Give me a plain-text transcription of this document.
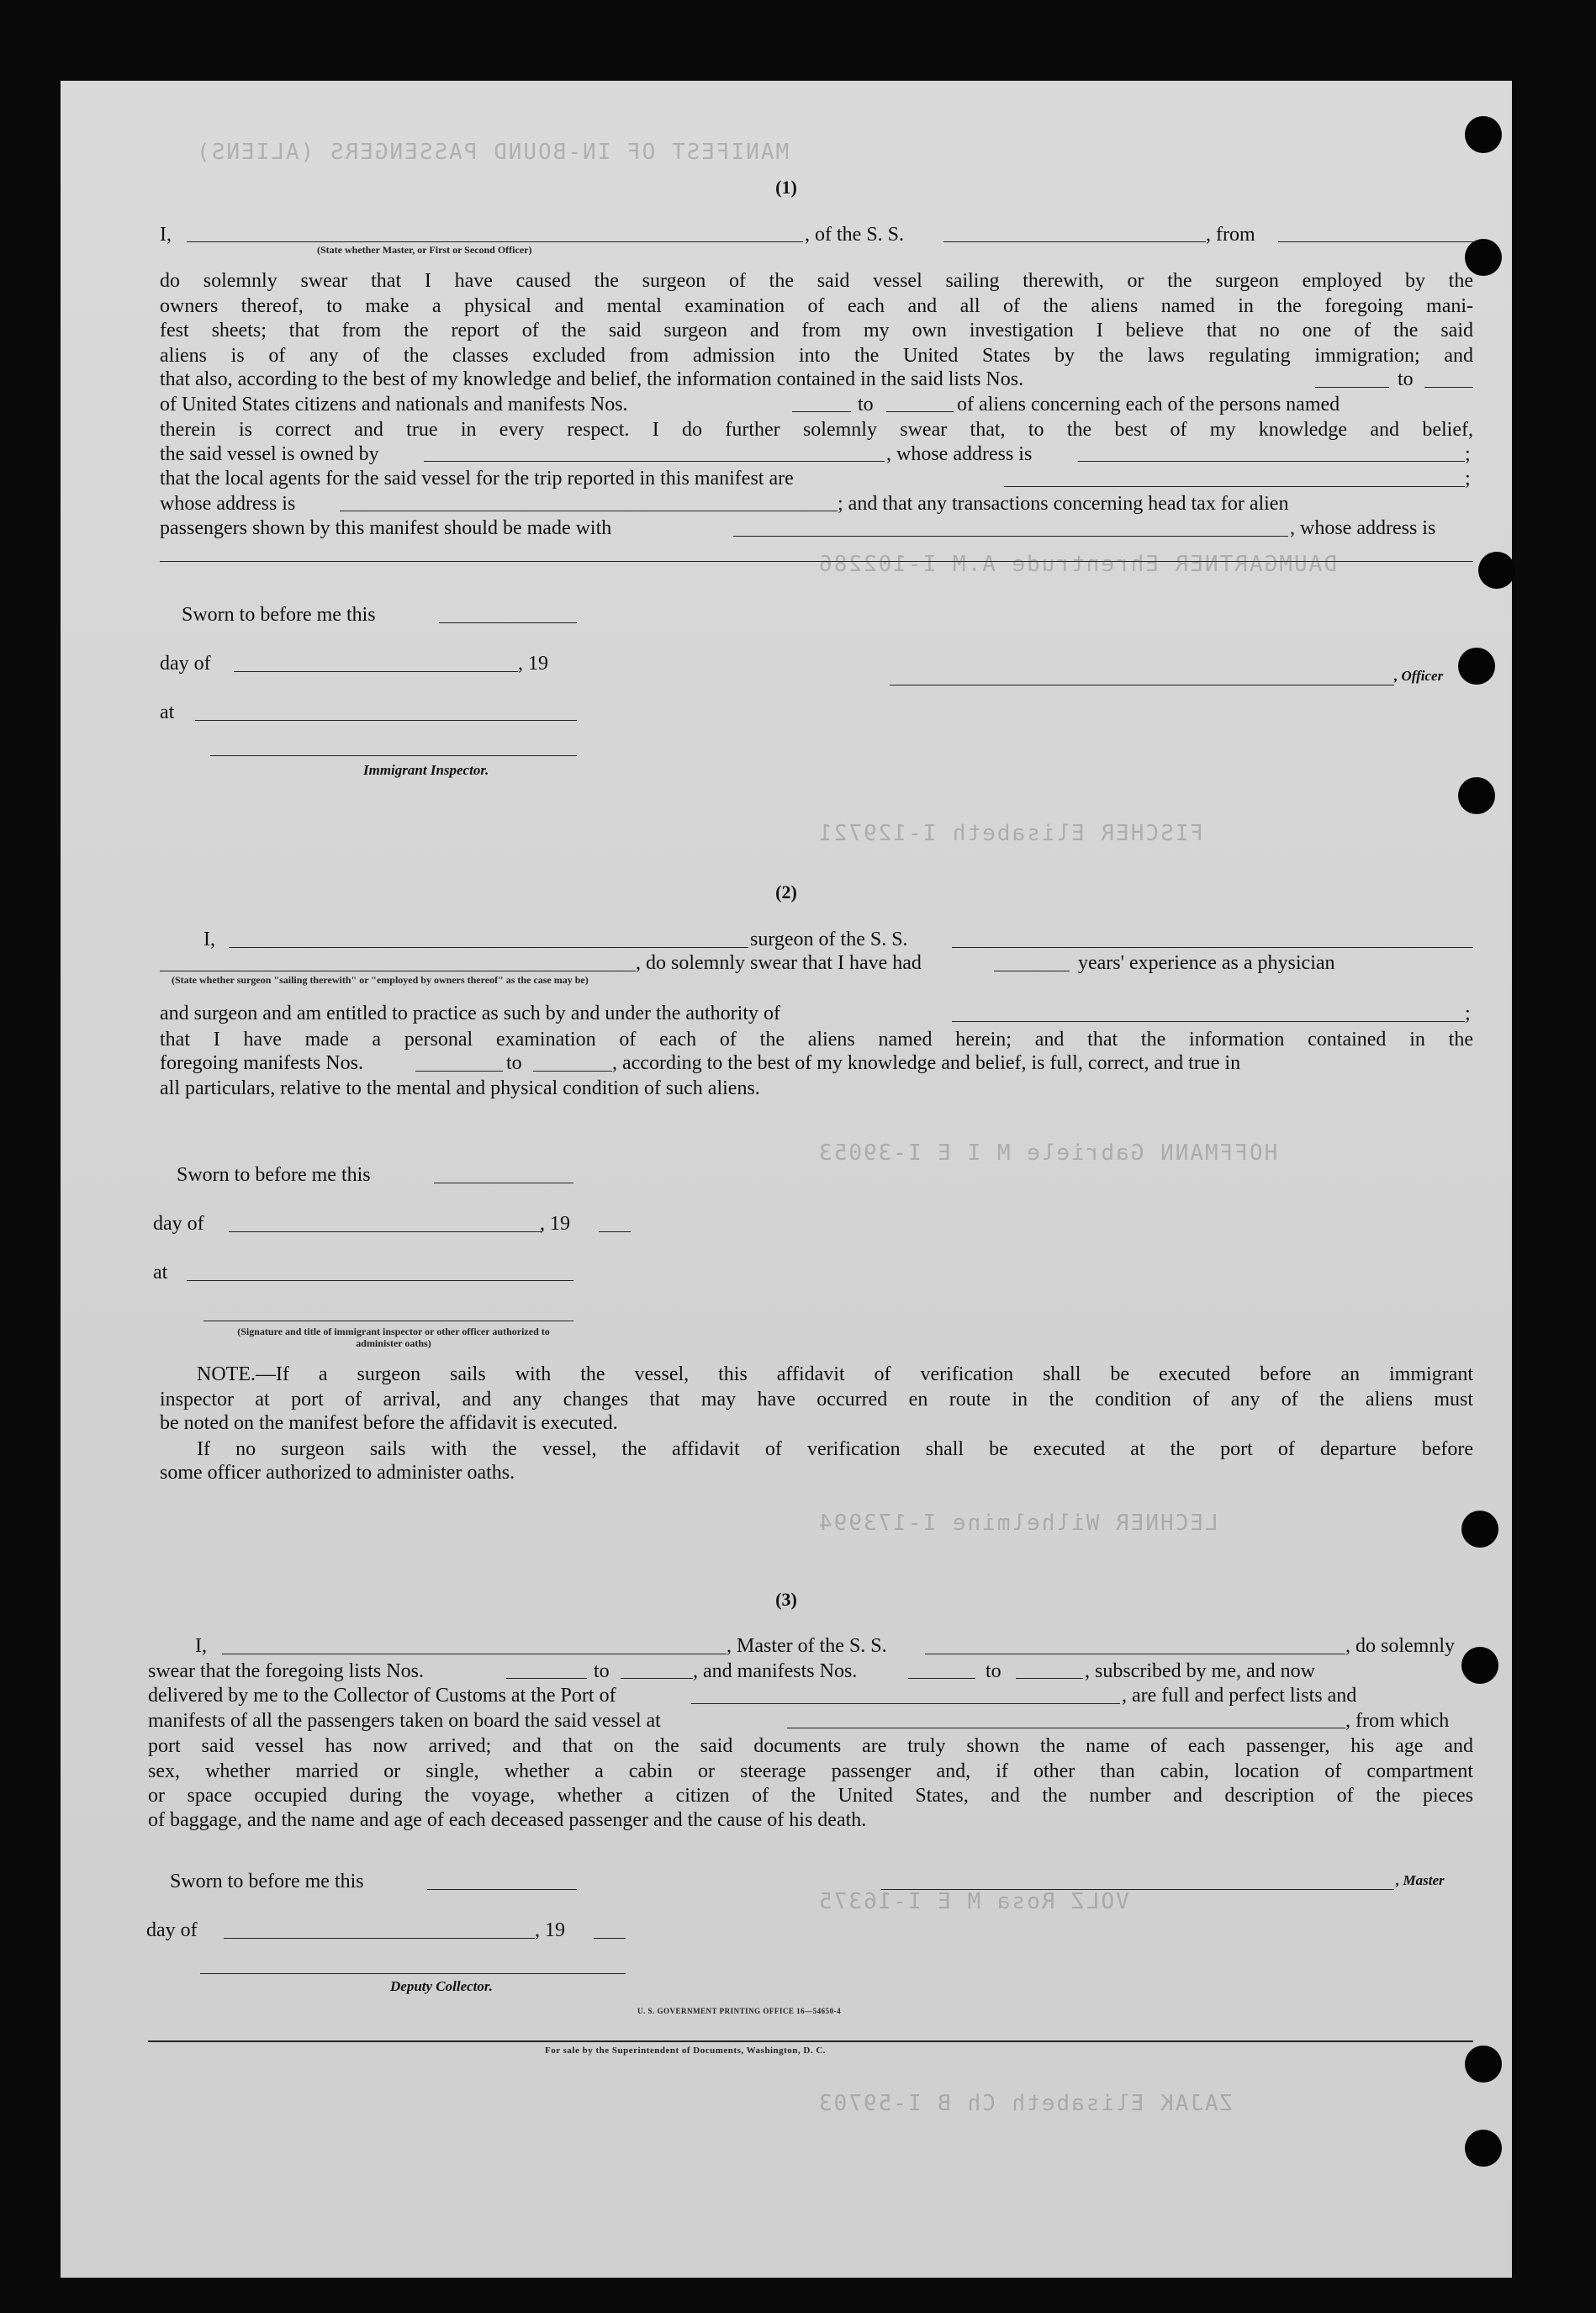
MANIFEST OF IN-BOUND PASSENGERS (ALIENS)
DAUMGARTNER Ehrentrude A.M I-102286
FISCHER Elisabeth I-129721
HOFFMANN Gabriele M I E I-39053
LECHNER Wilhelmine I-173994
VOLZ Rosa M E I-16375
ZAJAK Elisabeth Ch B I-59703
(1)
I,	, of the S. S.	, from
(State whether Master, or First or Second Officer)
do solemnly swear that I have caused the surgeon of the said vessel sailing therewith, or the surgeon employed by the
owners thereof, to make a physical and mental examination of each and all of the aliens named in the foregoing mani-
fest sheets; that from the report of the said surgeon and from my own investigation I believe that no one of the said
aliens is of any of the classes excluded from admission into the United States by the laws regulating immigration; and
that also, according to the best of my knowledge and belief, the information contained in the said lists Nos.	to
of United States citizens and nationals and manifests Nos.	to	of aliens concerning each of the persons named
therein is correct and true in every respect. I do further solemnly swear that, to the best of my knowledge and belief,
the said vessel is owned by	, whose address is	;
that the local agents for the said vessel for the trip reported in this manifest are	;
whose address is	; and that any transactions concerning head tax for alien
passengers shown by this manifest should be made with	, whose address is
Sworn to before me this
day of	, 19
at
, Officer
Immigrant Inspector.
(2)
I,	surgeon of the S. S.
, do solemnly swear that I have had	years' experience as a physician
(State whether surgeon "sailing therewith" or "employed by owners thereof" as the case may be)
and surgeon and am entitled to practice as such by and under the authority of	;
that I have made a personal examination of each of the aliens named herein; and that the information contained in the
foregoing manifests Nos.	to	, according to the best of my knowledge and belief, is full, correct, and true in
all particulars, relative to the mental and physical condition of such aliens.
Sworn to before me this
day of	, 19
at
(Signature and title of immigrant inspector or other officer authorized to administer oaths)
NOTE.—If a surgeon sails with the vessel, this affidavit of verification shall be executed before an immigrant
inspector at port of arrival, and any changes that may have occurred en route in the condition of any of the aliens must
be noted on the manifest before the affidavit is executed.
If no surgeon sails with the vessel, the affidavit of verification shall be executed at the port of departure before
some officer authorized to administer oaths.
(3)
I,	, Master of the S. S.	, do solemnly
swear that the foregoing lists Nos.	to	, and manifests Nos.	to	, subscribed by me, and now
delivered by me to the Collector of Customs at the Port of	, are full and perfect lists and
manifests of all the passengers taken on board the said vessel at	, from which
port said vessel has now arrived; and that on the said documents are truly shown the name of each passenger, his age and
sex, whether married or single, whether a cabin or steerage passenger and, if other than cabin, location of compartment
or space occupied during the voyage, whether a citizen of the United States, and the number and description of the pieces
of baggage, and the name and age of each deceased passenger and the cause of his death.
Sworn to before me this	, Master
day of	, 19
Deputy Collector.
U. S. GOVERNMENT PRINTING OFFICE 16—54650-4
For sale by the Superintendent of Documents, Washington, D. C.
